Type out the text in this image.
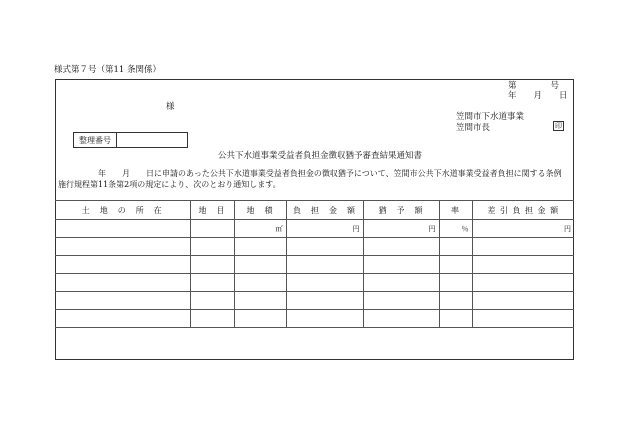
様式第７号（第11 条関係）
第　　　　号
年　　月　　日
様
笠間市下水道事業
笠間市長	印
整理番号
公共下水道事業受益者負担金徴収猶予審査結果通知書
年　　月　　日に申請のあった公共下水道事業受益者負担金の徴収猶予について、笠間市公共下水道事業受益者負担に関する条例
施行規程第11条第2項の規定により、次のとおり通知します。
土　地　の　所　在	地　目	地　積	負　担　金　額	猶　予　額	率	差 引 負 担 金 額
		㎡	円	円	％	円
